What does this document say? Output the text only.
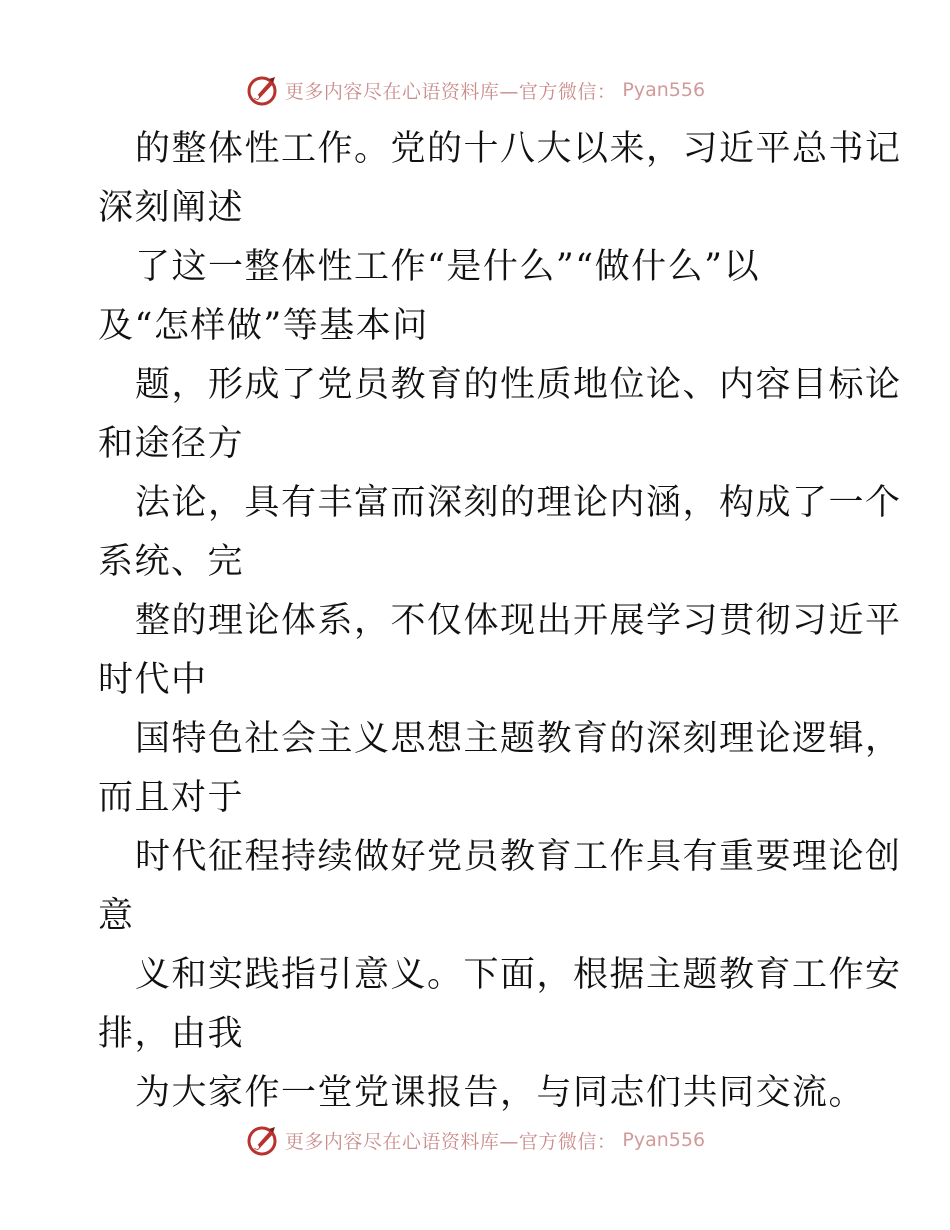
更多内容尽在心语资料库—官方微信： Pyan556
的整体性工作。党的十八大以来，习近平总书记
深刻阐述
了这一整体性工作“是什么”“做什么”以
及“怎样做”等基本问
题，形成了党员教育的性质地位论、内容目标论
和途径方
法论，具有丰富而深刻的理论内涵，构成了一个
系统、完
整的理论体系，不仅体现出开展学习贯彻习近平
时代中
国特色社会主义思想主题教育的深刻理论逻辑，
而且对于
时代征程持续做好党员教育工作具有重要理论创
意
义和实践指引意义。下面，根据主题教育工作安
排，由我
为大家作一堂党课报告，与同志们共同交流。
更多内容尽在心语资料库—官方微信： Pyan556
